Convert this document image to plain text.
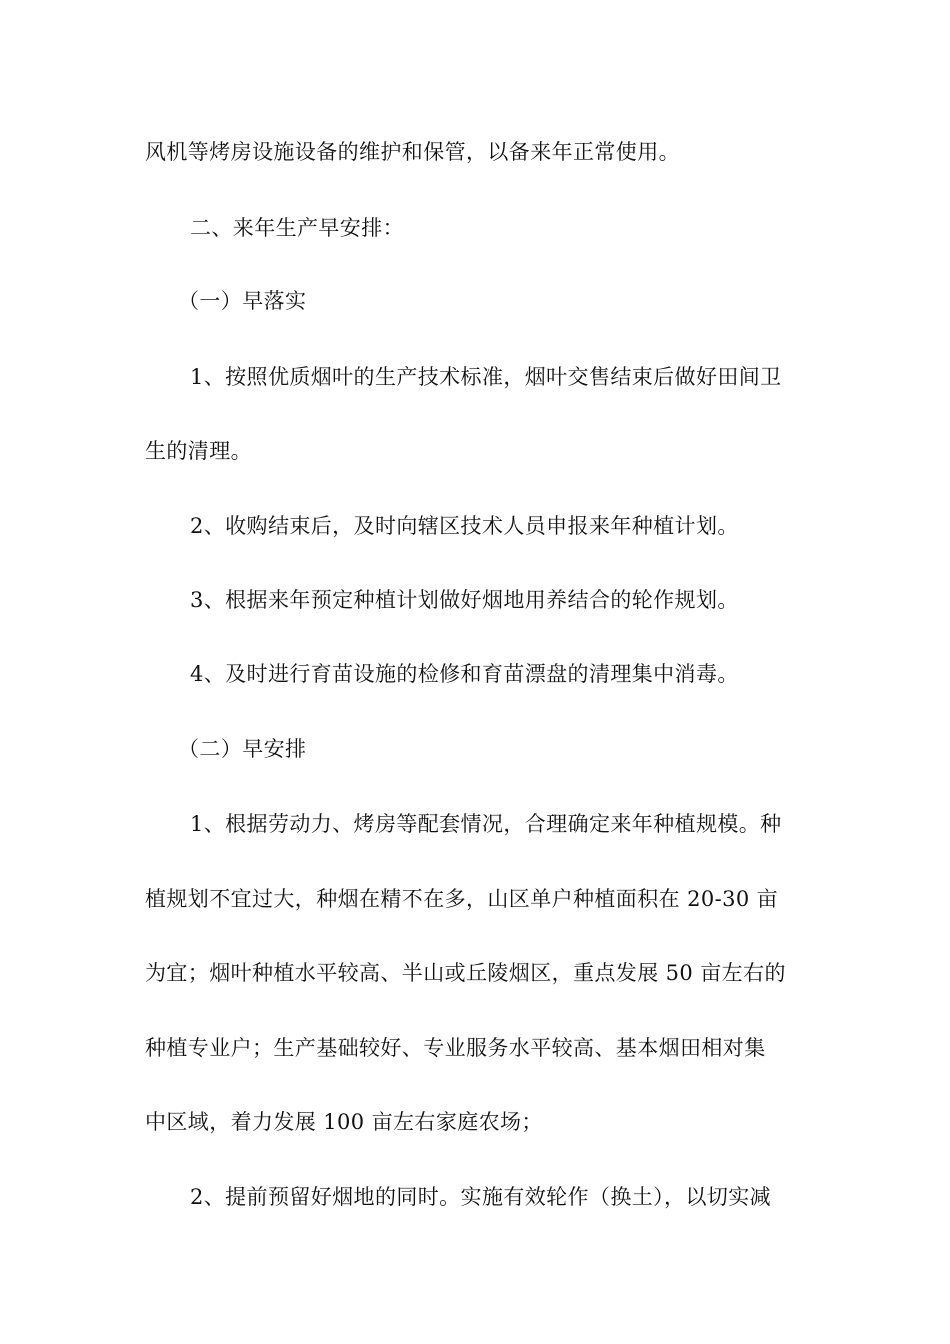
风机等烤房设施设备的维护和保管，以备来年正常使用。
二、来年生产早安排：
（一）早落实
1、按照优质烟叶的生产技术标准，烟叶交售结束后做好田间卫
生的清理。
2、收购结束后，及时向辖区技术人员申报来年种植计划。
3、根据来年预定种植计划做好烟地用养结合的轮作规划。
4、及时进行育苗设施的检修和育苗漂盘的清理集中消毒。
（二）早安排
1、根据劳动力、烤房等配套情况，合理确定来年种植规模。种
植规划不宜过大，种烟在精不在多，山区单户种植面积在 20-30 亩
为宜；烟叶种植水平较高、半山或丘陵烟区，重点发展 50 亩左右的
种植专业户；生产基础较好、专业服务水平较高、基本烟田相对集
中区域，着力发展 100 亩左右家庭农场；
2、提前预留好烟地的同时。实施有效轮作（换土），以切实减
